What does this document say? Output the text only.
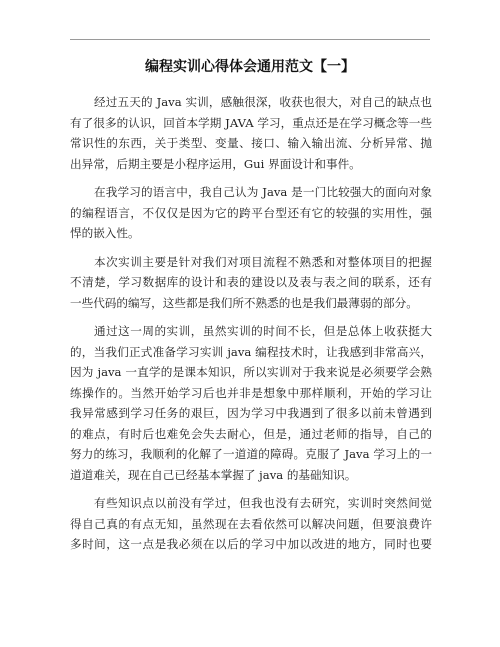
编程实训心得体会通用范文【一】
经过五天的 Java 实训，感触很深，收获也很大，对自己的缺点也
有了很多的认识，回首本学期 JAVA 学习，重点还是在学习概念等一些
常识性的东西，关于类型、变量、接口、输入输出流、分析异常、抛
出异常，后期主要是小程序运用，Gui 界面设计和事件。
在我学习的语言中，我自己认为 Java 是一门比较强大的面向对象
的编程语言，不仅仅是因为它的跨平台型还有它的较强的实用性，强
悍的嵌入性。
本次实训主要是针对我们对项目流程不熟悉和对整体项目的把握
不清楚，学习数据库的设计和表的建设以及表与表之间的联系，还有
一些代码的编写，这些都是我们所不熟悉的也是我们最薄弱的部分。
通过这一周的实训，虽然实训的时间不长，但是总体上收获挺大
的，当我们正式准备学习实训 java 编程技术时，让我感到非常高兴，
因为 java 一直学的是课本知识，所以实训对于我来说是必须要学会熟
练操作的。当然开始学习后也并非是想象中那样顺利，开始的学习让
我异常感到学习任务的艰巨，因为学习中我遇到了很多以前未曾遇到
的难点，有时后也难免会失去耐心，但是，通过老师的指导，自己的
努力的练习，我顺利的化解了一道道的障碍。克服了 Java 学习上的一
道道难关，现在自己已经基本掌握了 java 的基础知识。
有些知识点以前没有学过，但我也没有去研究，实训时突然间觉
得自己真的有点无知，虽然现在去看依然可以解决问题，但要浪费许
多时间，这一点是我必须在以后的学习中加以改进的地方，同时也要
